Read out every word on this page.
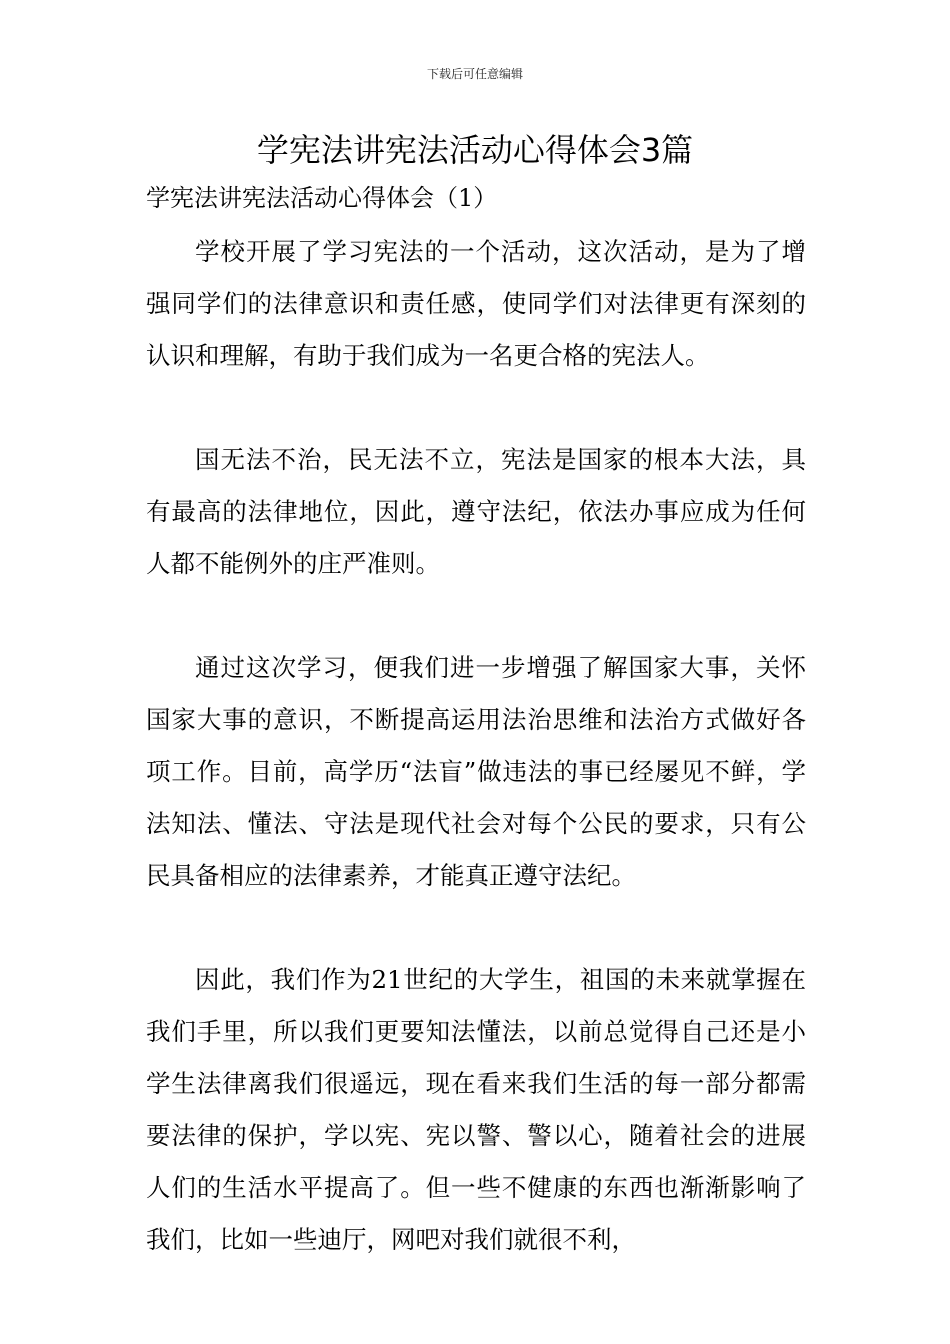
下载后可任意编辑
学宪法讲宪法活动心得体会3篇
学宪法讲宪法活动心得体会（1）

学校开展了学习宪法的一个活动，这次活动，是为了增强同学们的法律意识和责任感，使同学们对法律更有深刻的认识和理解，有助于我们成为一名更合格的宪法人。

国无法不治，民无法不立，宪法是国家的根本大法，具有最高的法律地位，因此，遵守法纪，依法办事应成为任何人都不能例外的庄严准则。

通过这次学习，便我们进一步增强了解国家大事，关怀国家大事的意识，不断提高运用法治思维和法治方式做好各项工作。目前，高学历“法盲”做违法的事已经屡见不鲜，学法知法、懂法、守法是现代社会对每个公民的要求，只有公民具备相应的法律素养，才能真正遵守法纪。

因此，我们作为21世纪的大学生，祖国的未来就掌握在我们手里，所以我们更要知法懂法，以前总觉得自己还是小学生法律离我们很遥远，现在看来我们生活的每一部分都需要法律的保护，学以宪、宪以警、警以心，随着社会的进展人们的生活水平提高了。但一些不健康的东西也渐渐影响了我们，比如一些迪厅，网吧对我们就很不利，
